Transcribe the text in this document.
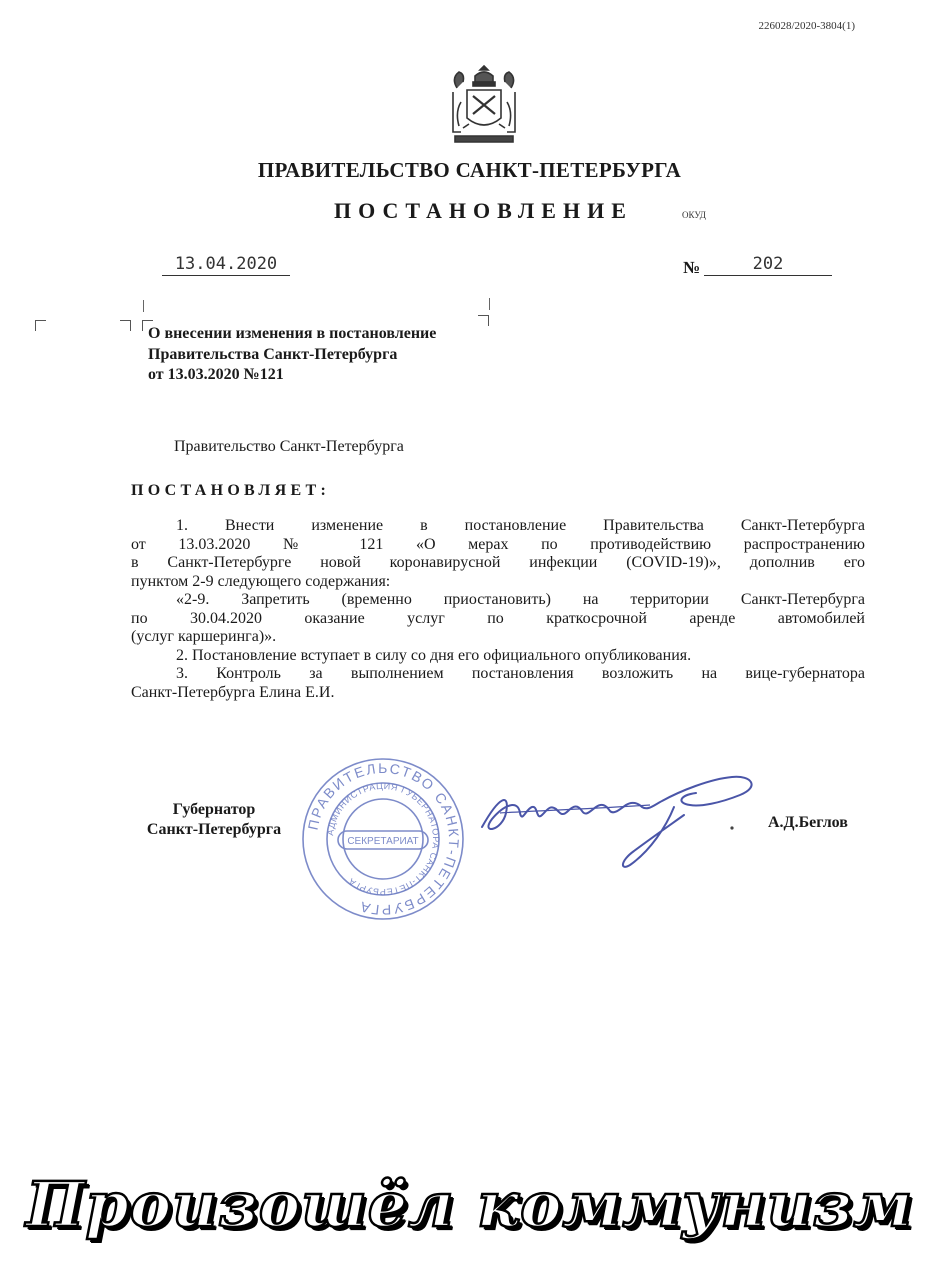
226028/2020-3804(1)
ПРАВИТЕЛЬСТВО САНКТ-ПЕТЕРБУРГА
ПОСТАНОВЛЕНИЕ	ОКУД
13.04.2020	№	202
О внесении изменения в постановление
Правительства Санкт-Петербурга
от 13.03.2020 №121
Правительство Санкт-Петербурга
ПОСТАНОВЛЯЕТ:

1. Внести изменение в постановление Правительства Санкт-Петербурга

от 13.03.2020 № 121 «О мерах по противодействию распространению

в Санкт-Петербурге новой коронавирусной инфекции (COVID-19)», дополнив его

пунктом 2-9 следующего содержания:

«2-9. Запретить (временно приостановить) на территории Санкт-Петербурга

по 30.04.2020 оказание услуг по краткосрочной аренде автомобилей

(услуг каршеринга)».

2. Постановление вступает в силу со дня его официального опубликования.

3. Контроль за выполнением постановления возложить на вице-губернатора

Санкт-Петербурга Елина Е.И.

Губернатор
Санкт-Петербурга	ПРАВИТЕЛЬСТВО САНКТ-ПЕТЕРБУРГА
АДМИНИСТРАЦИЯ ГУБЕРНАТОРА САНКТ-ПЕТЕРБУРГА
СЕКРЕТАРИАТ
А.Д.Беглов
Произошёл коммунизм
